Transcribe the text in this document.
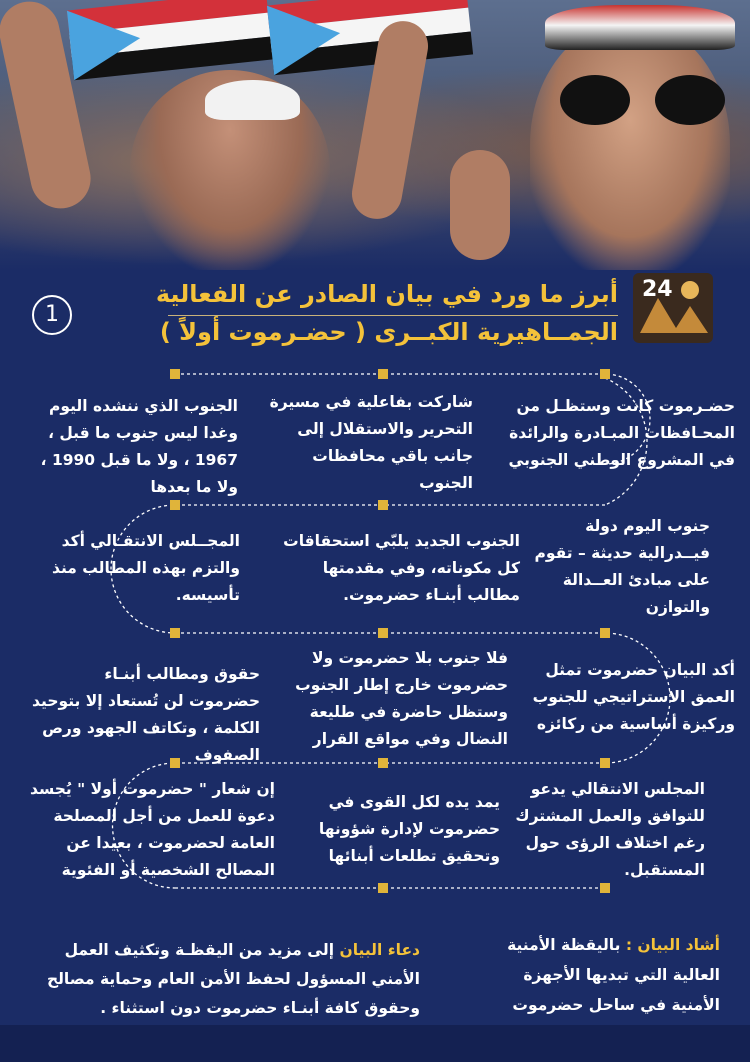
1
أبرز ما ورد في بيان الصادر عن الفعالية
الجمــاهيرية الكبــرى ( حضـرموت أولاً )
24
حضـرموت كانت وستظـل من المحـافظات المبـادرة والرائدة في المشروع الوطني الجنوبي
شاركت بفاعلية في مسيرة التحرير والاستقلال إلى جانب باقي محافظات الجنوب
الجنوب الذي ننشده اليوم وغدا ليس جنوب ما قبل ، 1967 ، ولا ما قبل 1990 ، ولا ما بعدها
جنوب اليوم دولة فيــدرالية حديثة – تقوم على مبادئ العــدالة والتوازن
الجنوب الجديد يلبّي استحقاقات كل مكوناته، وفي مقدمتها مطالب أبنـاء حضرموت.
المجــلس الانتقـالي أكد والتزم بهذه المطالب منذ تأسيسه.
أكد البيان حضرموت تمثل العمق الاستراتيجي للجنوب وركيزة أساسية من ركائزه
فلا جنوب بلا حضرموت ولا حضرموت خارج إطار الجنوب وستظل حاضرة في طليعة النضال وفي مواقع القرار
حقوق ومطالب أبنـاء حضرموت لن تُستعاد إلا بتوحيد الكلمة ، وتكاتف الجهود ورص الصفوف
المجلس الانتقالي يدعو للتوافق والعمل المشترك رغم اختلاف الرؤى حول المستقبل.
يمد يده لكل القوى في حضرموت لإدارة شؤونها وتحقيق تطلعات أبنائها
إن شعار " حضرموت أولا " يُجسد دعوة للعمل من أجل المصلحة العامة لحضرموت ، بعيدا عن المصالح الشخصية أو الفئوية
أشاد البيان : باليقظة الأمنية العالية التي تبديها الأجهزة الأمنية في ساحل حضرموت
دعاء البيان إلى مزيد من اليقظـة وتكثيف العمل الأمني المسؤول لحفظ الأمن العام وحماية مصالح وحقوق كافة أبنـاء حضرموت دون استثناء .
